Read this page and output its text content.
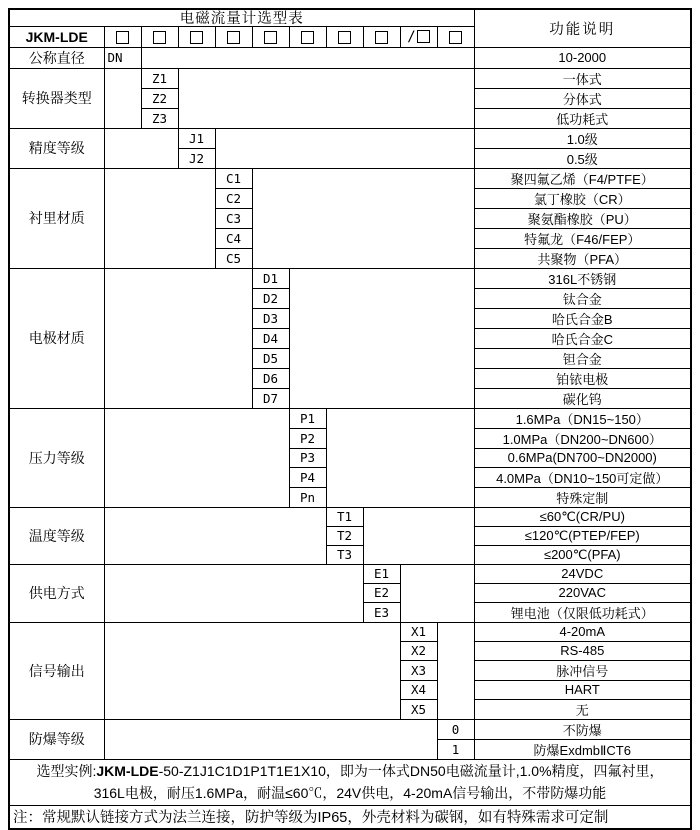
电磁流量计选型表											功能说明
JKM-LDE									/		
公称直径	DN										10-2000
转换器类型		Z1									一体式
		Z2									分体式
		Z3									低功耗式
精度等级			J1								1.0级
			J2								0.5级
衬里材质				C1							聚四氟乙烯（F4/PTFE）
				C2							氯丁橡胶（CR）
				C3							聚氨酯橡胶（PU）
				C4							特氟龙（F46/FEP）
				C5							共聚物（PFA）
电极材质					D1						316L不锈钢
					D2						钛合金
					D3						哈氏合金B
					D4						哈氏合金C
					D5						钽合金
					D6						铂铱电极
					D7						碳化钨
压力等级						P1					1.6MPa（DN15~150）
						P2					1.0MPa（DN200~DN600）
						P3					0.6MPa(DN700~DN2000)
						P4					4.0MPa（DN10~150可定做）
						Pn					特殊定制
温度等级							T1				≤60℃(CR/PU)
							T2				≤120℃(PTEP/FEP)
							T3				≤200℃(PFA)
供电方式								E1			24VDC
								E2			220VAC
								E3			锂电池（仅限低功耗式）
信号输出									X1		4-20mA
									X2		RS-485
									X3		脉冲信号
									X4		HART
									X5		无
防爆等级										0	不防爆
										1	防爆ExdmbⅡCT6

选型实例:JKM-LDE-50-Z1J1C1D1P1T1E1X10，即为一体式DN50电磁流量计,1.0%精度，四氟衬里，
316L电极，耐压1.6MPa，耐温≤60℃，24V供电，4-20mA信号输出，不带防爆功能											

注：常规默认链接方式为法兰连接，防护等级为IP65，外壳材料为碳钢，如有特殊需求可定制											
